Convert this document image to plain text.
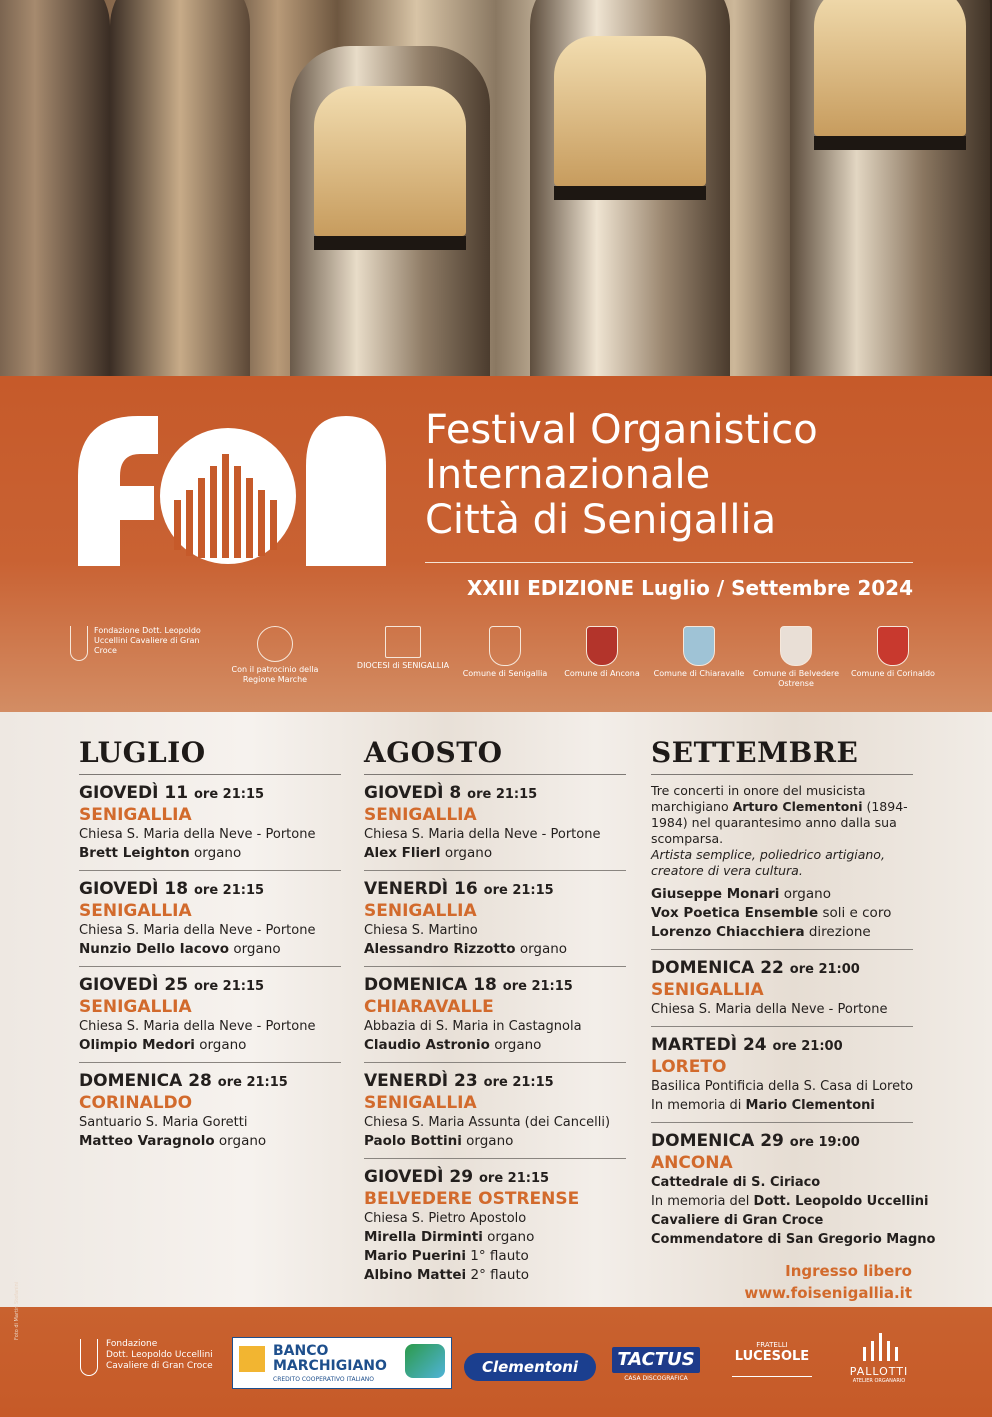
FOI	Festival Organistico
Internazionale
Città di Senigallia
XXIII EDIZIONE Luglio / Settembre 2024
Fondazione Dott. Leopoldo Uccellini Cavaliere di Gran Croce
Con il patrocinio della Regione Marche
DIOCESI di SENIGALLIA
Comune di Senigallia	Comune di Ancona	Comune di Chiaravalle	Comune di Belvedere Ostrense
Comune di Corinaldo
LUGLIO
GIOVEDÌ 11 ore 21:15
SENIGALLIA
Chiesa S. Maria della Neve - Portone
Brett Leighton organo
GIOVEDÌ 18 ore 21:15
SENIGALLIA
Chiesa S. Maria della Neve - Portone
Nunzio Dello Iacovo organo
GIOVEDÌ 25 ore 21:15
SENIGALLIA
Chiesa S. Maria della Neve - Portone
Olimpio Medori organo
DOMENICA 28 ore 21:15
CORINALDO
Santuario S. Maria Goretti
Matteo Varagnolo organo
AGOSTO
GIOVEDÌ 8 ore 21:15
SENIGALLIA
Chiesa S. Maria della Neve - Portone
Alex Flierl organo
VENERDÌ 16 ore 21:15
SENIGALLIA
Chiesa S. Martino
Alessandro Rizzotto organo
DOMENICA 18 ore 21:15
CHIARAVALLE
Abbazia di S. Maria in Castagnola
Claudio Astronio organo
VENERDÌ 23 ore 21:15
SENIGALLIA
Chiesa S. Maria Assunta (dei Cancelli)
Paolo Bottini organo
GIOVEDÌ 29 ore 21:15
BELVEDERE OSTRENSE
Chiesa S. Pietro Apostolo
Mirella Dirminti organo
Mario Puerini 1° flauto
Albino Mattei 2° flauto
SETTEMBRE
Tre concerti in onore del musicista marchigiano Arturo Clementoni (1894-1984) nel quarantesimo anno dalla sua scomparsa.
Artista semplice, poliedrico artigiano, creatore di vera cultura.
Giuseppe Monari organo
Vox Poetica Ensemble soli e coro
Lorenzo Chiacchiera direzione
DOMENICA 22 ore 21:00
SENIGALLIA
Chiesa S. Maria della Neve - Portone
MARTEDÌ 24 ore 21:00
LORETO
Basilica Pontificia della S. Casa di Loreto
In memoria di Mario Clementoni
DOMENICA 29 ore 19:00
ANCONA
Cattedrale di S. Ciriaco
In memoria del Dott. Leopoldo Uccellini
Cavaliere di Gran Croce
Commendatore di San Gregorio Magno
Ingresso libero
www.foisenigallia.it
Fondazione
Dott. Leopoldo Uccellini
Cavaliere di Gran Croce
BANCO MARCHIGIANO
CREDITO COOPERATIVO ITALIANO
Clementoni	TACTUS
CASA DISCOGRAFICA
FRATELLI
LUCESOLE
PALLOTTI
ATELIER ORGANARIO
Foto di Martin Stefanini
